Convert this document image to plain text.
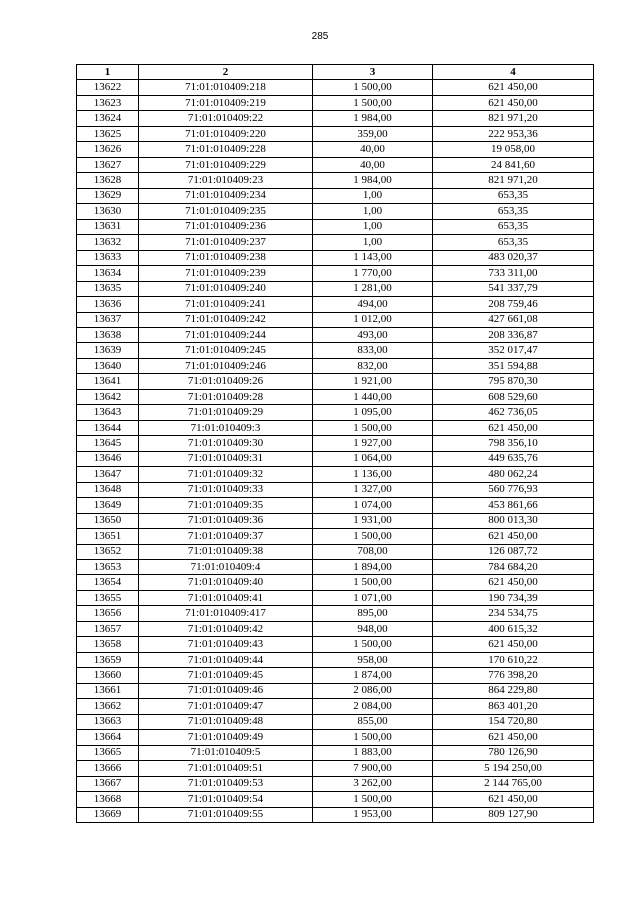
285
1	2	3	4
13622	71:01:010409:218	1 500,00	621 450,00
13623	71:01:010409:219	1 500,00	621 450,00
13624	71:01:010409:22	1 984,00	821 971,20
13625	71:01:010409:220	359,00	222 953,36
13626	71:01:010409:228	40,00	19 058,00
13627	71:01:010409:229	40,00	24 841,60
13628	71:01:010409:23	1 984,00	821 971,20
13629	71:01:010409:234	1,00	653,35
13630	71:01:010409:235	1,00	653,35
13631	71:01:010409:236	1,00	653,35
13632	71:01:010409:237	1,00	653,35
13633	71:01:010409:238	1 143,00	483 020,37
13634	71:01:010409:239	1 770,00	733 311,00
13635	71:01:010409:240	1 281,00	541 337,79
13636	71:01:010409:241	494,00	208 759,46
13637	71:01:010409:242	1 012,00	427 661,08
13638	71:01:010409:244	493,00	208 336,87
13639	71:01:010409:245	833,00	352 017,47
13640	71:01:010409:246	832,00	351 594,88
13641	71:01:010409:26	1 921,00	795 870,30
13642	71:01:010409:28	1 440,00	608 529,60
13643	71:01:010409:29	1 095,00	462 736,05
13644	71:01:010409:3	1 500,00	621 450,00
13645	71:01:010409:30	1 927,00	798 356,10
13646	71:01:010409:31	1 064,00	449 635,76
13647	71:01:010409:32	1 136,00	480 062,24
13648	71:01:010409:33	1 327,00	560 776,93
13649	71:01:010409:35	1 074,00	453 861,66
13650	71:01:010409:36	1 931,00	800 013,30
13651	71:01:010409:37	1 500,00	621 450,00
13652	71:01:010409:38	708,00	126 087,72
13653	71:01:010409:4	1 894,00	784 684,20
13654	71:01:010409:40	1 500,00	621 450,00
13655	71:01:010409:41	1 071,00	190 734,39
13656	71:01:010409:417	895,00	234 534,75
13657	71:01:010409:42	948,00	400 615,32
13658	71:01:010409:43	1 500,00	621 450,00
13659	71:01:010409:44	958,00	170 610,22
13660	71:01:010409:45	1 874,00	776 398,20
13661	71:01:010409:46	2 086,00	864 229,80
13662	71:01:010409:47	2 084,00	863 401,20
13663	71:01:010409:48	855,00	154 720,80
13664	71:01:010409:49	1 500,00	621 450,00
13665	71:01:010409:5	1 883,00	780 126,90
13666	71:01:010409:51	7 900,00	5 194 250,00
13667	71:01:010409:53	3 262,00	2 144 765,00
13668	71:01:010409:54	1 500,00	621 450,00
13669	71:01:010409:55	1 953,00	809 127,90
